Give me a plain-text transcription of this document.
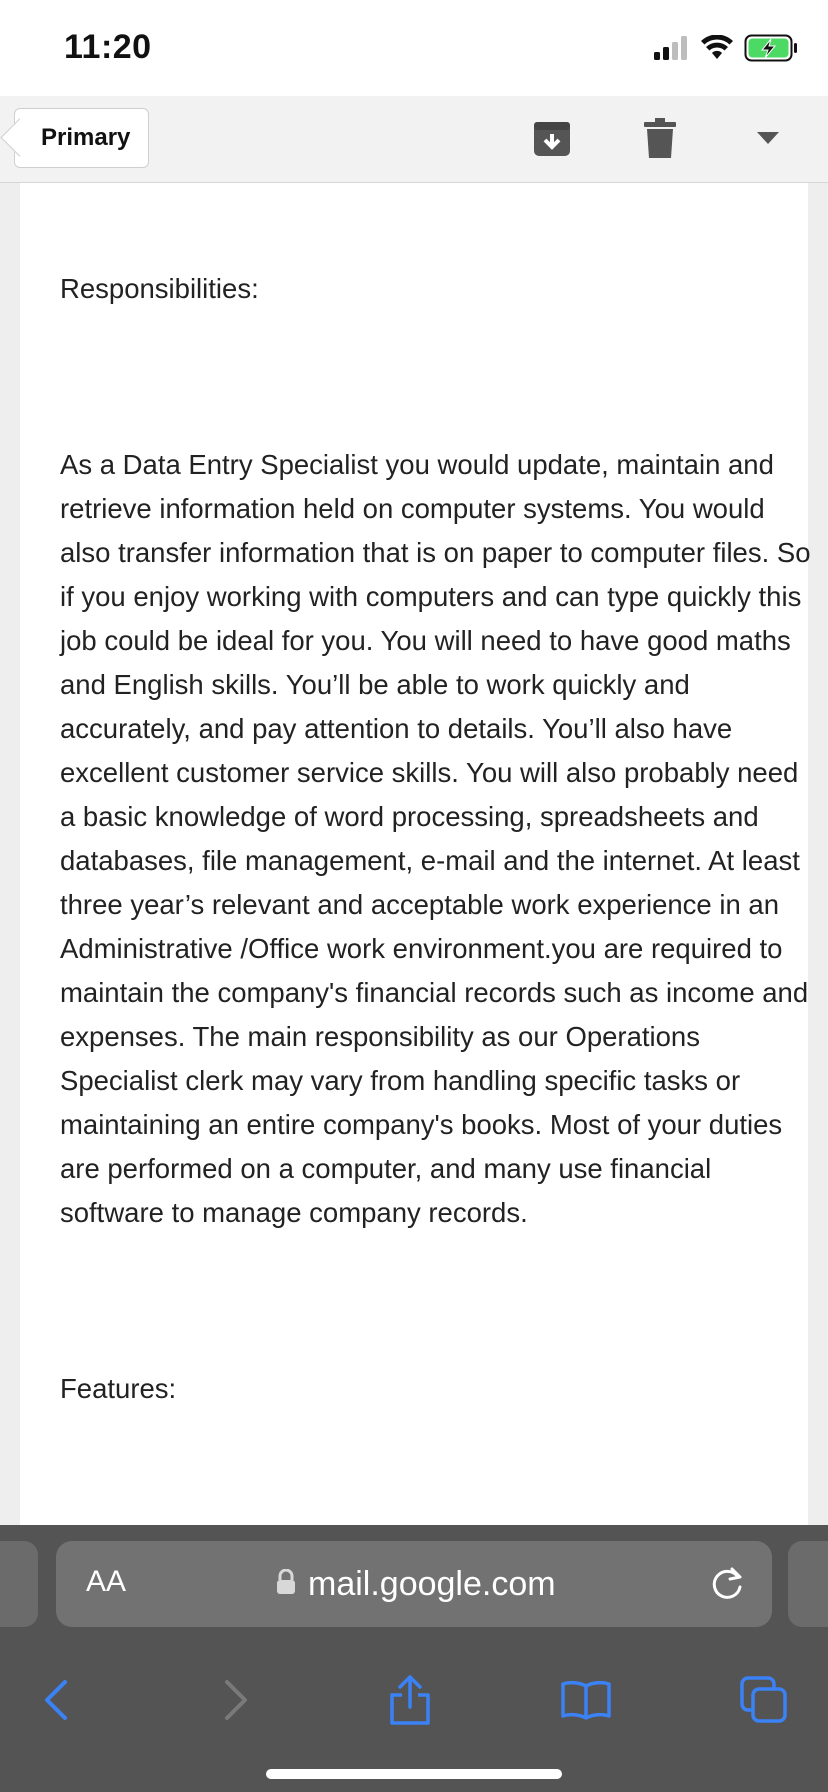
11:20
Primary

Responsibilities:

As a Data Entry Specialist you would update, maintain and retrieve information held on computer systems. You would also transfer information that is on paper to computer files. So if you enjoy working with computers and can type quickly this job could be ideal for you. You will need to have good maths and English skills. You’ll be able to work quickly and accurately, and pay attention to details. You’ll also have excellent customer service skills. You will also probably need a basic knowledge of word processing, spreadsheets and databases, file management, e-mail and the internet. At least three year’s relevant and acceptable work experience in an Administrative /Office work environment.you are required to maintain the company's financial records such as income and expenses. The main responsibility as our Operations Specialist clerk may vary from handling specific tasks or maintaining an entire company's books. Most of your duties are performed on a computer, and many use financial software to manage company records.

Features:

AA	mail.google.com
